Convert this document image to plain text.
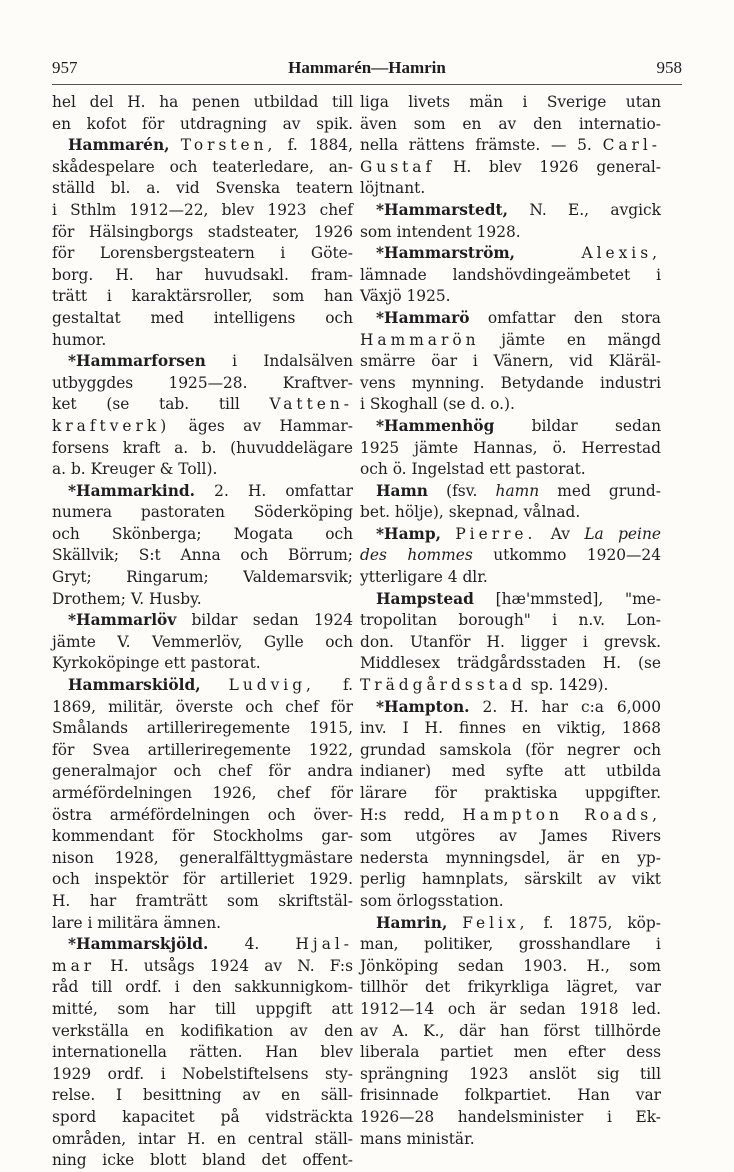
957	Hammarén—Hamrin	958
hel del H. ha penen utbildad till
en kofot för utdragning av spik.
Hammarén, Torsten, f. 1884,
skådespelare och teaterledare, an-
ställd bl. a. vid Svenska teatern
i Sthlm 1912—22, blev 1923 chef
för Hälsingborgs stadsteater, 1926
för Lorensbergsteatern i Göte-
borg. H. har huvudsakl. fram-
trätt i karaktärsroller, som han
gestaltat med intelligens och
humor.
*Hammarforsen i Indalsälven
utbyggdes 1925—28. Kraftver-
ket (se tab. till Vatten-
kraftverk) äges av Hammar-
forsens kraft a. b. (huvuddelägare
a. b. Kreuger & Toll).
*Hammarkind. 2. H. omfattar
numera pastoraten Söderköping
och Skönberga; Mogata och
Skällvik; S:t Anna och Börrum;
Gryt; Ringarum; Valdemarsvik;
Drothem; V. Husby.
*Hammarlöv bildar sedan 1924
jämte V. Vemmerlöv, Gylle och
Kyrkoköpinge ett pastorat.
Hammarskiöld, Ludvig, f.
1869, militär, överste och chef för
Smålands artilleriregemente 1915,
för Svea artilleriregemente 1922,
generalmajor och chef för andra
arméfördelningen 1926, chef för
östra arméfördelningen och över-
kommendant för Stockholms gar-
nison 1928, generalfälttygmästare
och inspektör för artilleriet 1929.
H. har framträtt som skriftstäl-
lare i militära ämnen.
*Hammarskjöld. 4. Hjal-
mar H. utsågs 1924 av N. F:s
råd till ordf. i den sakkunnigkom-
mitté, som har till uppgift att
verkställa en kodifikation av den
internationella rätten. Han blev
1929 ordf. i Nobelstiftelsens sty-
relse. I besittning av en säll-
spord kapacitet på vidsträckta
områden, intar H. en central ställ-
ning icke blott bland det offent-
liga livets män i Sverige utan
även som en av den internatio-
nella rättens främste. — 5. Carl-
Gustaf H. blev 1926 general-
löjtnant.
*Hammarstedt, N. E., avgick
som intendent 1928.
*Hammarström,	Alexis,
lämnade landshövdingeämbetet i
Växjö 1925.
*Hammarö omfattar den stora
Hammarön jämte en mängd
smärre öar i Vänern, vid Kläräl-
vens mynning. Betydande industri
i Skoghall (se d. o.).
*Hammenhög bildar sedan
1925 jämte Hannas, ö. Herrestad
och ö. Ingelstad ett pastorat.
Hamn (fsv. hamn med grund-
bet. hölje), skepnad, vålnad.
*Hamp, Pierre. Av La peine
des hommes utkommo 1920—24
ytterligare 4 dlr.
Hampstead [hæ'mmsted], "me-
tropolitan borough" i n.v. Lon-
don. Utanför H. ligger i grevsk.
Middlesex trädgårdsstaden H. (se
Trädgårdsstad sp. 1429).
*Hampton. 2. H. har c:a 6,000
inv. I H. finnes en viktig, 1868
grundad samskola (för negrer och
indianer) med syfte att utbilda
lärare för praktiska uppgifter.
H:s redd, Hampton Roads,
som utgöres av James Rivers
nedersta mynningsdel, är en yp-
perlig hamnplats, särskilt av vikt
som örlogsstation.
Hamrin, Felix, f. 1875, köp-
man, politiker, grosshandlare i
Jönköping sedan 1903. H., som
tillhör det frikyrkliga lägret, var
1912—14 och är sedan 1918 led.
av A. K., där han först tillhörde
liberala partiet men efter dess
sprängning 1923 anslöt sig till
frisinnade folkpartiet. Han var
1926—28 handelsminister i Ek-
mans ministär.
